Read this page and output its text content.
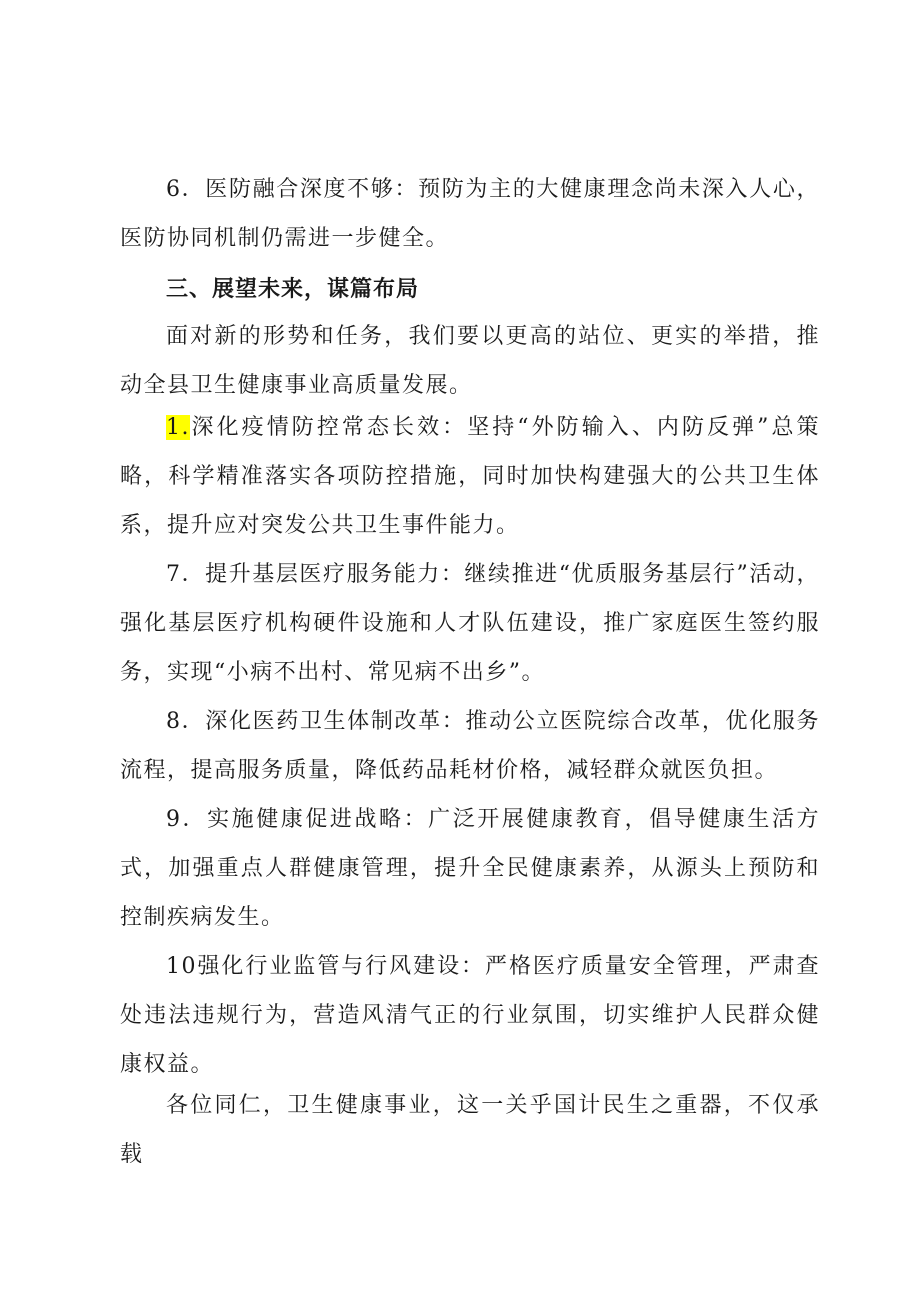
6．医防融合深度不够：预防为主的大健康理念尚未深入人心，医防协同机制仍需进一步健全。

三、展望未来，谋篇布局

面对新的形势和任务，我们要以更高的站位、更实的举措，推动全县卫生健康事业高质量发展。

1.深化疫情防控常态长效：坚持“外防输入、内防反弹”总策略，科学精准落实各项防控措施，同时加快构建强大的公共卫生体系，提升应对突发公共卫生事件能力。

7．提升基层医疗服务能力：继续推进“优质服务基层行”活动，强化基层医疗机构硬件设施和人才队伍建设，推广家庭医生签约服务，实现“小病不出村、常见病不出乡”。

8．深化医药卫生体制改革：推动公立医院综合改革，优化服务流程，提高服务质量，降低药品耗材价格，减轻群众就医负担。

9．实施健康促进战略：广泛开展健康教育，倡导健康生活方式，加强重点人群健康管理，提升全民健康素养，从源头上预防和控制疾病发生。

10强化行业监管与行风建设：严格医疗质量安全管理，严肃查处违法违规行为，营造风清气正的行业氛围，切实维护人民群众健康权益。

各位同仁，卫生健康事业，这一关乎国计民生之重器，不仅承载
